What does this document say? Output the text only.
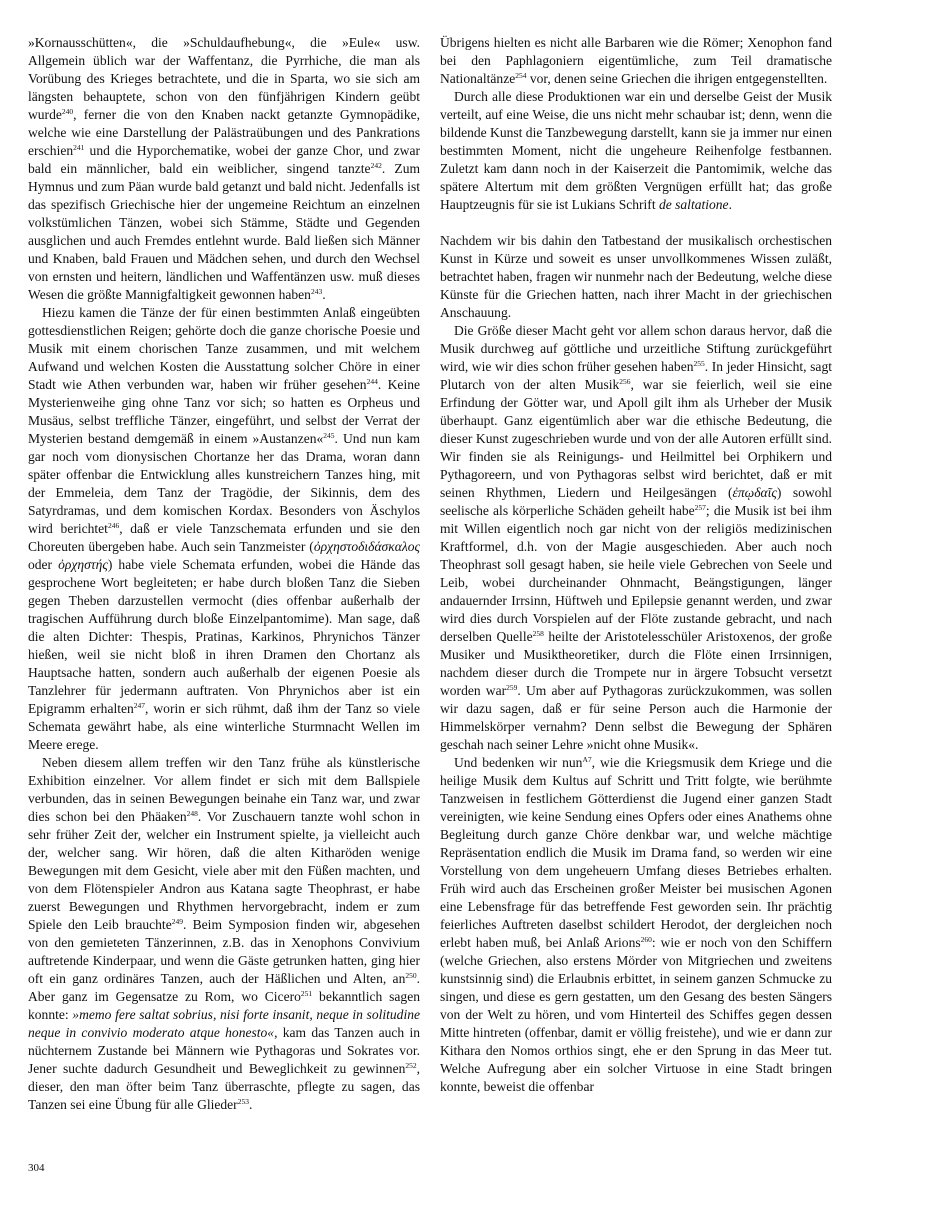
»Kornausschütten«, die »Schuldaufhebung«, die »Eule« usw. Allgemein üblich war der Waffentanz, die Pyrrhiche, die man als Vorübung des Krieges betrachtete, und die in Sparta, wo sie sich am längsten behauptete, schon von den fünfjährigen Kindern geübt wurde$^{240}$, ferner die von den Knaben nackt getanzte Gymnopädike, welche wie eine Darstellung der Palästraübungen und des Pankrations erschien$^{241}$ und die Hyporchematike, wobei der ganze Chor, und zwar bald ein männlicher, bald ein weiblicher, singend tanzte$^{242}$. Zum Hymnus und zum Päan wurde bald getanzt und bald nicht. Jedenfalls ist das spezifisch Griechische hier der ungemeine Reichtum an einzelnen volkstümlichen Tänzen, wobei sich Stämme, Städte und Gegenden ausglichen und auch Fremdes entlehnt wurde. Bald ließen sich Männer und Knaben, bald Frauen und Mädchen sehen, und durch den Wechsel von ernsten und heitern, ländlichen und Waffentänzen usw. muß dieses Wesen die größte Mannigfaltigkeit gewonnen haben$^{243}$.

Hiezu kamen die Tänze der für einen bestimmten Anlaß eingeübten gottesdienstlichen Reigen; gehörte doch die ganze chorische Poesie und Musik mit einem chorischen Tanze zusammen, und mit welchem Aufwand und welchen Kosten die Ausstattung solcher Chöre in einer Stadt wie Athen verbunden war, haben wir früher gesehen$^{244}$. Keine Mysterienweihe ging ohne Tanz vor sich; so hatten es Orpheus und Musäus, selbst treffliche Tänzer, eingeführt, und selbst der Verrat der Mysterien bestand demgemäß in einem »Austanzen«$^{245}$. Und nun kam gar noch vom dionysischen Chortanze her das Drama, woran dann später offenbar die Entwicklung alles kunstreichern Tanzes hing, mit der Emmeleia, dem Tanz der Tragödie, der Sikinnis, dem des Satyrdramas, und dem komischen Kordax. Besonders von Äschylos wird berichtet$^{246}$, daß er viele Tanzschemata erfunden und sie den Choreuten übergeben habe. Auch sein Tanzmeister (ὀρχηστοδιδάσκαλος oder ὀρχηστής) habe viele Schemata erfunden, wobei die Hände das gesprochene Wort begleiteten; er habe durch bloßen Tanz die Sieben gegen Theben darzustellen vermocht (dies offenbar außerhalb der tragischen Aufführung durch bloße Einzelpantomime). Man sage, daß die alten Dichter: Thespis, Pratinas, Karkinos, Phrynichos Tänzer hießen, weil sie nicht bloß in ihren Dramen den Chortanz als Hauptsache hatten, sondern auch außerhalb der eigenen Poesie als Tanzlehrer für jedermann auftraten. Von Phrynichos aber ist ein Epigramm erhalten$^{247}$, worin er sich rühmt, daß ihm der Tanz so viele Schemata gewährt habe, als eine winterliche Sturmnacht Wellen im Meere erege.

Neben diesem allem treffen wir den Tanz frühe als künstlerische Exhibition einzelner. Vor allem findet er sich mit dem Ballspiele verbunden, das in seinen Bewegungen beinahe ein Tanz war, und zwar dies schon bei den Phäaken$^{248}$. Vor Zuschauern tanzte wohl schon in sehr früher Zeit der, welcher ein Instrument spielte, ja vielleicht auch der, welcher sang. Wir hören, daß die alten Kitharöden wenige Bewegungen mit dem Gesicht, viele aber mit den Füßen machten, und von dem Flötenspieler Andron aus Katana sagte Theophrast, er habe zuerst Bewegungen und Rhythmen hervorgebracht, indem er zum Spiele den Leib brauchte$^{249}$. Beim Symposion finden wir, abgesehen von den gemieteten Tänzerinnen, z.B. das in Xenophons Convivium auftretende Kinderpaar, und wenn die Gäste getrunken hatten, ging hier oft ein ganz ordinäres Tanzen, auch der Häßlichen und Alten, $an^{250}$. Aber ganz im Gegensatze zu Rom, wo Cicero$^{251}$ bekanntlich sagen konnte: »memo fere saltat sobrius, nisi forte insanit, neque in solitudine neque in convivio moderato atque honesto«, kam das Tanzen auch in nüchternem Zustande bei Männern wie Pythagoras und Sokrates vor. Jener suchte dadurch Gesundheit und Beweglichkeit zu gewinnen$^{252}$, dieser, den man öfter beim Tanz überraschte, pflegte zu sagen, das Tanzen sei eine Übung für alle Glieder$^{253}$.

Übrigens hielten es nicht alle Barbaren wie die Römer; Xenophon fand bei den Paphlagoniern eigentümliche, zum Teil dramatische Nationaltänze$^{254}$ vor, denen seine Griechen die ihrigen entgegenstellten.

Durch alle diese Produktionen war ein und derselbe Geist der Musik verteilt, auf eine Weise, die uns nicht mehr schaubar ist; denn, wenn die bildende Kunst die Tanzbewegung darstellt, kann sie ja immer nur einen bestimmten Moment, nicht die ungeheure Reihenfolge festbannen. Zuletzt kam dann noch in der Kaiserzeit die Pantomimik, welche das spätere Altertum mit dem größten Vergnügen erfüllt hat; das große Hauptzeugnis für sie ist Lukians Schrift de saltatione.

Nachdem wir bis dahin den Tatbestand der musikalisch orchestischen Kunst in Kürze und soweit es unser unvollkommenes Wissen zuläßt, betrachtet haben, fragen wir nunmehr nach der Bedeutung, welche diese Künste für die Griechen hatten, nach ihrer Macht in der griechischen Anschauung.

Die Größe dieser Macht geht vor allem schon daraus hervor, daß die Musik durchweg auf göttliche und urzeitliche Stiftung zurückgeführt wird, wie wir dies schon früher gesehen haben$^{255}$. In jeder Hinsicht, sagt Plutarch von der alten Musik$^{256}$, war sie feierlich, weil sie eine Erfindung der Götter war, und Apoll gilt ihm als Urheber der Musik überhaupt. Ganz eigentümlich aber war die ethische Bedeutung, die dieser Kunst zugeschrieben wurde und von der alle Autoren erfüllt sind. Wir finden sie als Reinigungs- und Heilmittel bei Orphikern und Pythagoreern, und von Pythagoras selbst wird berichtet, daß er mit seinen Rhythmen, Liedern und Heilgesängen (ἐπῳδαῖς) sowohl seelische als körperliche Schäden geheilt habe$^{257}$; die Musik ist bei ihm mit Willen eigentlich noch gar nicht von der religiös medizinischen Kraftformel, d.h. von der Magie ausgeschieden. Aber auch noch Theophrast soll gesagt haben, sie heile viele Gebrechen von Seele und Leib, wobei durcheinander Ohnmacht, Beängstigungen, länger andauernder Irrsinn, Hüftweh und Epilepsie genannt werden, und zwar wird dies durch Vorspielen auf der Flöte zustande gebracht, und nach derselben Quelle$^{258}$ heilte der Aristotelesschüler Aristoxenos, der große Musiker und Musiktheoretiker, durch die Flöte einen Irrsinnigen, nachdem dieser durch die Trompete nur in ärgere Tobsucht versetzt worden war$^{259}$. Um aber auf Pythagoras zurückzukommen, was sollen wir dazu sagen, daß er für seine Person auch die Harmonie der Himmelskörper vernahm? Denn selbst die Bewegung der Sphären geschah nach seiner Lehre »nicht ohne Musik«.

Und bedenken wir nun$^{A7}$, wie die Kriegsmusik dem Kriege und die heilige Musik dem Kultus auf Schritt und Tritt folgte, wie berühmte Tanzweisen in festlichem Götterdienst die Jugend einer ganzen Stadt vereinigten, wie keine Sendung eines Opfers oder eines Anathems ohne Begleitung durch ganze Chöre denkbar war, und welche mächtige Repräsentation endlich die Musik im Drama fand, so werden wir eine Vorstellung von dem ungeheuern Umfang dieses Betriebes erhalten. Früh wird auch das Erscheinen großer Meister bei musischen Agonen eine Lebensfrage für das betreffende Fest geworden sein. Ihr prächtig feierliches Auftreten daselbst schildert Herodot, der dergleichen noch erlebt haben muß, bei Anlaß Arions$^{260}$: wie er noch von den Schiffern (welche Griechen, also erstens Mörder von Mitgriechen und zweitens kunstsinnig sind) die Erlaubnis erbittet, in seinem ganzen Schmucke zu singen, und diese es gern gestatten, um den Gesang des besten Sängers von der Welt zu hören, und vom Hinterteil des Schiffes gegen dessen Mitte hintreten (offenbar, damit er völlig freistehe), und wie er dann zur Kithara den Nomos orthios singt, ehe er den Sprung in das Meer tut. Welche Aufregung aber ein solcher Virtuose in eine Stadt bringen konnte, beweist die offenbar

304
